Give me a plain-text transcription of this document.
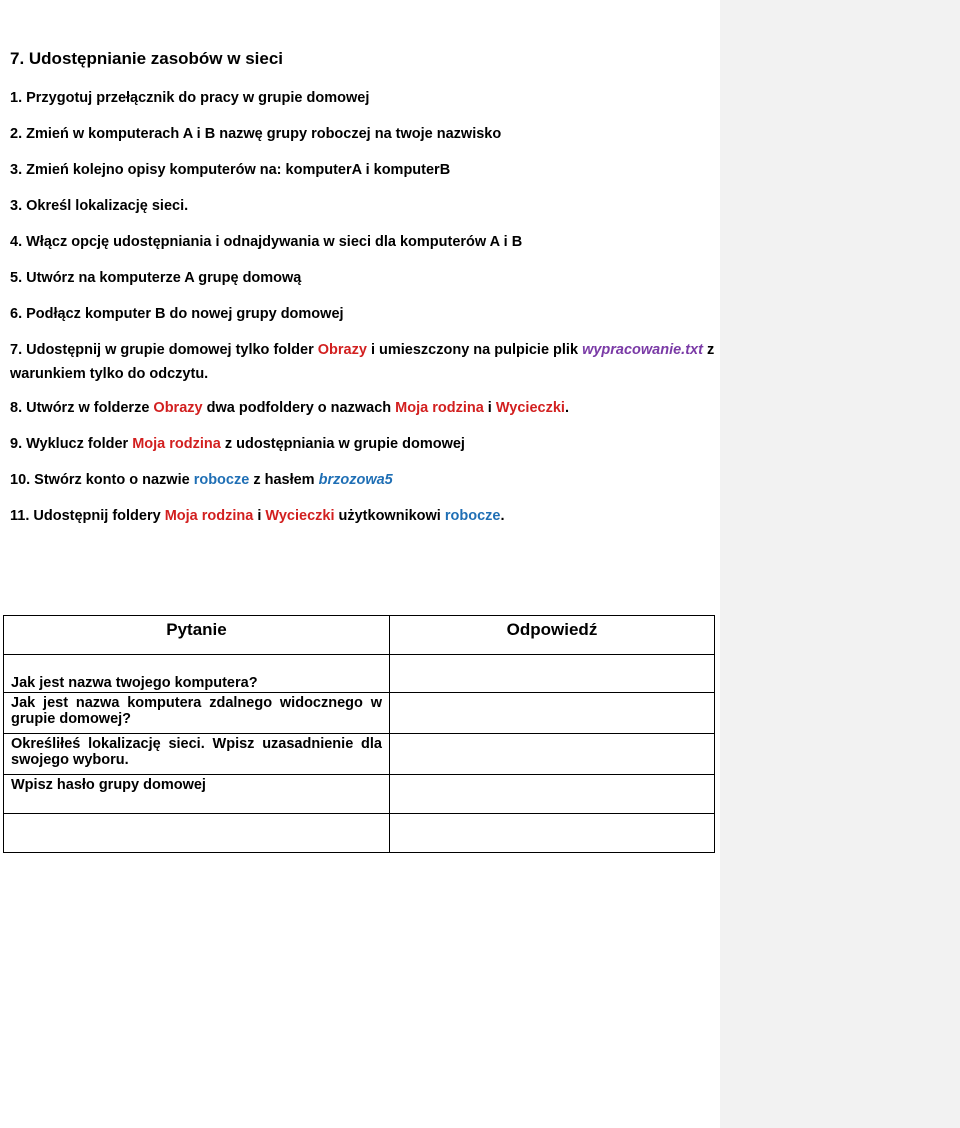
7. Udostępnianie zasobów w sieci
1. Przygotuj przełącznik do pracy w grupie domowej
2. Zmień w komputerach A i B nazwę grupy roboczej na twoje nazwisko
3. Zmień kolejno opisy komputerów na: komputerA i komputerB
3. Określ lokalizację sieci.
4. Włącz opcję udostępniania i odnajdywania w sieci dla komputerów A i B
5. Utwórz na komputerze A grupę domową
6. Podłącz komputer B do nowej grupy domowej
7. Udostępnij w grupie domowej tylko folder Obrazy i umieszczony na pulpicie plik wypracowanie.txt z
warunkiem tylko do odczytu.
8. Utwórz w folderze Obrazy dwa podfoldery o nazwach Moja rodzina i Wycieczki.
9. Wyklucz folder Moja rodzina z udostępniania w grupie domowej
10. Stwórz konto o nazwie robocze z hasłem brzozowa5
11. Udostępnij foldery Moja rodzina i Wycieczki użytkownikowi robocze.
Pytanie	Odpowiedź
Jak jest nazwa twojego komputera?	
Jak jest nazwa komputera zdalnego widocznego w grupie domowej?	
Określiłeś lokalizację sieci. Wpisz uzasadnienie dla swojego wyboru.	
Wpisz hasło grupy domowej	
